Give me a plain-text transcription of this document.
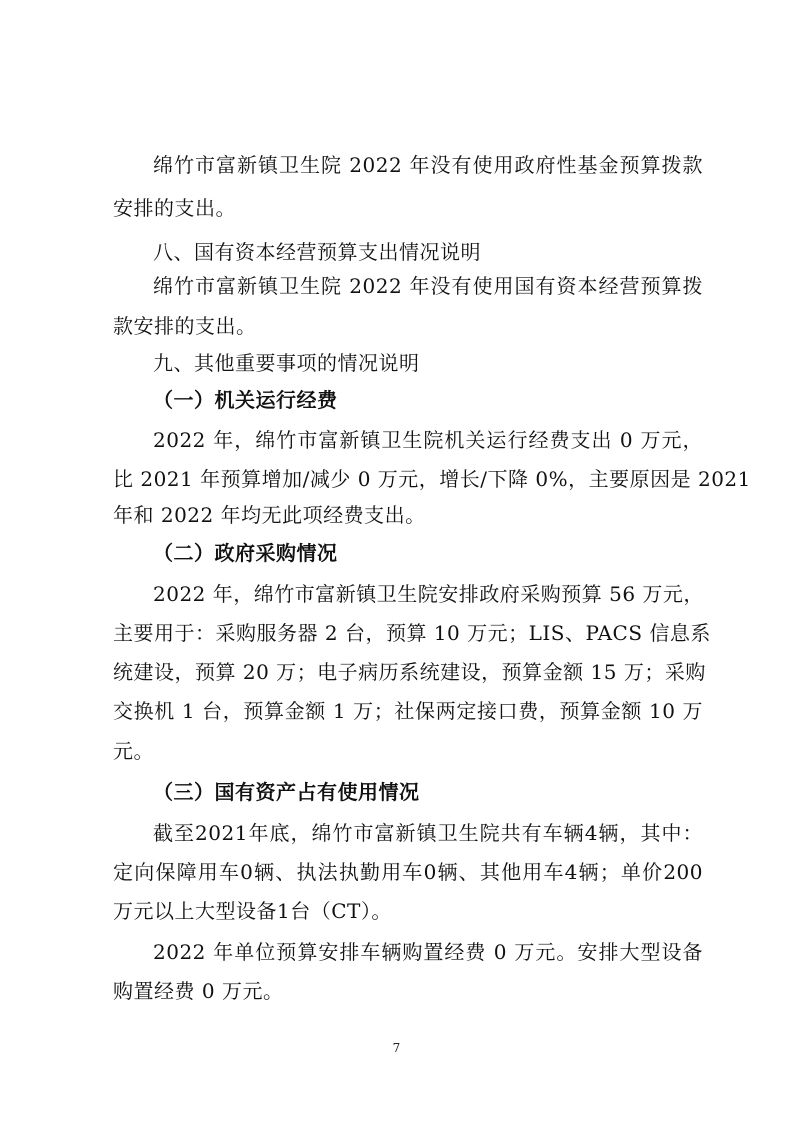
绵竹市富新镇卫生院 2022 年没有使用政府性基金预算拨款
安排的支出。
八、国有资本经营预算支出情况说明
绵竹市富新镇卫生院 2022 年没有使用国有资本经营预算拨
款安排的支出。
九、其他重要事项的情况说明
（一）机关运行经费
2022 年，绵竹市富新镇卫生院机关运行经费支出 0 万元，
比 2021 年预算增加/减少 0 万元，增长/下降 0%，主要原因是 2021
年和 2022 年均无此项经费支出。
（二）政府采购情况
2022 年，绵竹市富新镇卫生院安排政府采购预算 56 万元，
主要用于：采购服务器 2 台，预算 10 万元；LIS、PACS 信息系
统建设，预算 20 万；电子病历系统建设，预算金额 15 万；采购
交换机 1 台，预算金额 1 万；社保两定接口费，预算金额 10 万
元。
（三）国有资产占有使用情况
截至2021年底，绵竹市富新镇卫生院共有车辆4辆，其中：
定向保障用车0辆、执法执勤用车0辆、其他用车4辆；单价200
万元以上大型设备1台（CT）。
2022 年单位预算安排车辆购置经费 0 万元。安排大型设备
购置经费 0 万元。
7
